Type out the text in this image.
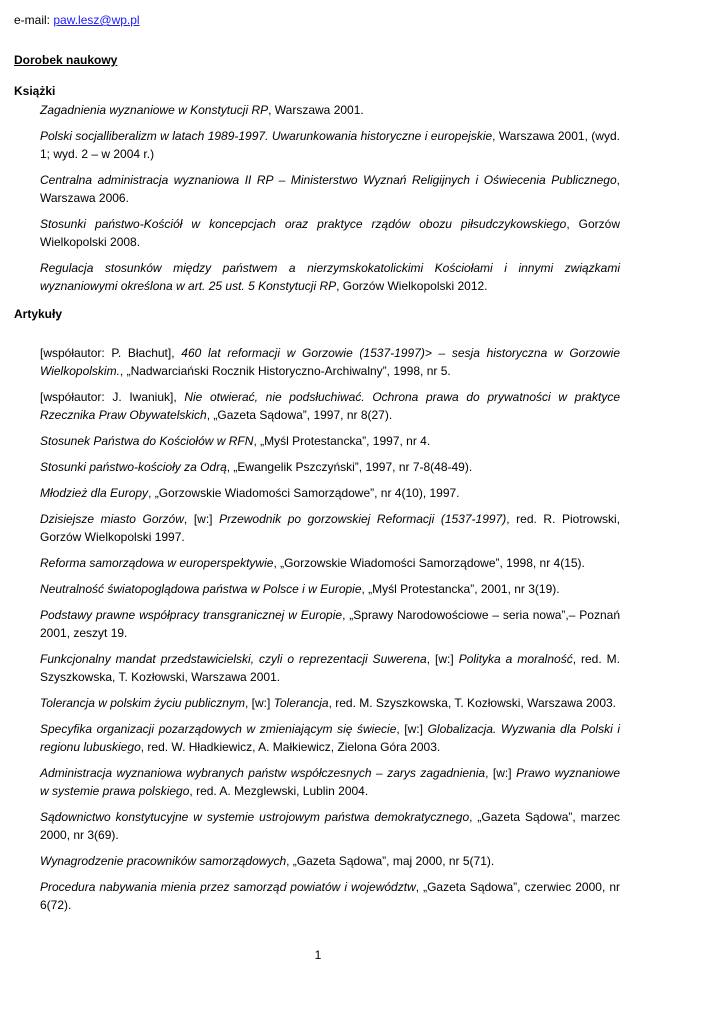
e-mail: paw.lesz@wp.pl
Dorobek naukowy
Książki

Zagadnienia wyznaniowe w Konstytucji RP, Warszawa 2001.

Polski socjalliberalizm w latach 1989-1997. Uwarunkowania historyczne i europejskie, Warszawa 2001, (wyd. 1; wyd. 2 – w 2004 r.)

Centralna administracja wyznaniowa II RP – Ministerstwo Wyznań Religijnych i Oświecenia Publicznego, Warszawa 2006.

Stosunki państwo-Kościół w koncepcjach oraz praktyce rządów obozu piłsudczykowskiego, Gorzów Wielkopolski 2008.

Regulacja stosunków między państwem a nierzymskokatolickimi Kościołami i innymi związkami wyznaniowymi określona w art. 25 ust. 5 Konstytucji RP, Gorzów Wielkopolski 2012.

Artykuły

[współautor: P. Błachut], 460 lat reformacji w Gorzowie (1537-1997)> – sesja historyczna w Gorzowie Wielkopolskim., „Nadwarciański Rocznik Historyczno-Archiwalny”, 1998, nr 5.

[współautor: J. Iwaniuk], Nie otwierać, nie podsłuchiwać. Ochrona prawa do prywatności w praktyce Rzecznika Praw Obywatelskich, „Gazeta Sądowa”, 1997, nr 8(27).

Stosunek Państwa do Kościołów w RFN, „Myśl Protestancka”, 1997, nr 4.

Stosunki państwo-kościoły za Odrą, „Ewangelik Pszczyński”, 1997, nr 7-8(48-49).

Młodzież dla Europy, „Gorzowskie Wiadomości Samorządowe”, nr 4(10), 1997.

Dzisiejsze miasto Gorzów, [w:] Przewodnik po gorzowskiej Reformacji (1537-1997), red. R. Piotrowski, Gorzów Wielkopolski 1997.

Reforma samorządowa w europerspektywie, „Gorzowskie Wiadomości Samorządowe”, 1998, nr 4(15).

Neutralność światopoglądowa państwa w Polsce i w Europie, „Myśl Protestancka”, 2001, nr 3(19).

Podstawy prawne współpracy transgranicznej w Europie, „Sprawy Narodowościowe – seria nowa”,– Poznań 2001, zeszyt 19.

Funkcjonalny mandat przedstawicielski, czyli o reprezentacji Suwerena, [w:] Polityka a moralność, red. M. Szyszkowska, T. Kozłowski, Warszawa 2001.

Tolerancja w polskim życiu publicznym, [w:] Tolerancja, red. M. Szyszkowska, T. Kozłowski, Warszawa 2003.

Specyfika organizacji pozarządowych w zmieniającym się świecie, [w:] Globalizacja. Wyzwania dla Polski i regionu lubuskiego, red. W. Hładkiewicz, A. Małkiewicz, Zielona Góra 2003.

Administracja wyznaniowa wybranych państw współczesnych – zarys zagadnienia, [w:] Prawo wyznaniowe w systemie prawa polskiego, red. A. Mezglewski, Lublin 2004.

Sądownictwo konstytucyjne w systemie ustrojowym państwa demokratycznego, „Gazeta Sądowa”, marzec 2000, nr 3(69).

Wynagrodzenie pracowników samorządowych, „Gazeta Sądowa”, maj 2000, nr 5(71).

Procedura nabywania mienia przez samorząd powiatów i województw, „Gazeta Sądowa”, czerwiec 2000, nr 6(72).

1
